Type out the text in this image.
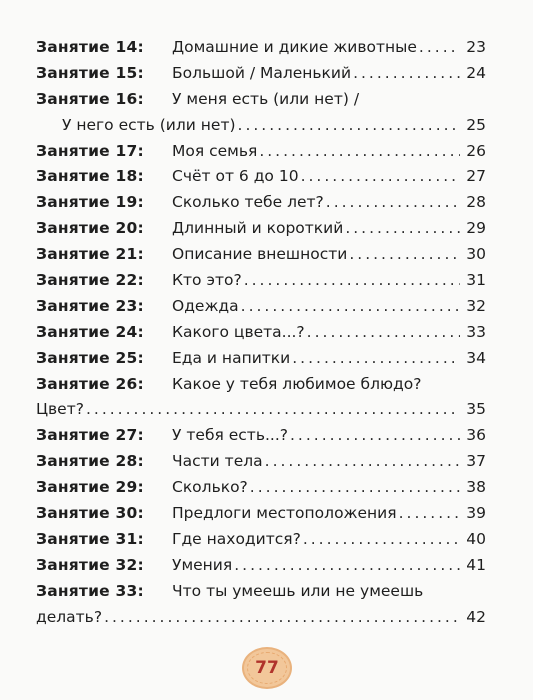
Занятие 14:	Домашние и дикие животные .....	23
Занятие 15:	Большой / Маленький .....	24
Занятие 16:	У меня есть (или нет) /
У него есть (или нет) .....	25
Занятие 17:	Моя семья .....	26
Занятие 18:	Счёт от 6 до 10 .....	27
Занятие 19:	Сколько тебе лет? .....	28
Занятие 20:	Длинный и короткий .....	29
Занятие 21:	Описание внешности .....	30
Занятие 22:	Кто это? .....	31
Занятие 23:	Одежда .....	32
Занятие 24:	Какого цвета...? .....	33
Занятие 25:	Еда и напитки .....	34
Занятие 26:	Какое у тебя любимое блюдо?
Цвет? .....	35
Занятие 27:	У тебя есть...? .....	36
Занятие 28:	Части тела .....	37
Занятие 29:	Сколько? .....	38
Занятие 30:	Предлоги местоположения .....	39
Занятие 31:	Где находится? .....	40
Занятие 32:	Умения .....	41
Занятие 33:	Что ты умеешь или не умеешь
делать? .....	42
77
